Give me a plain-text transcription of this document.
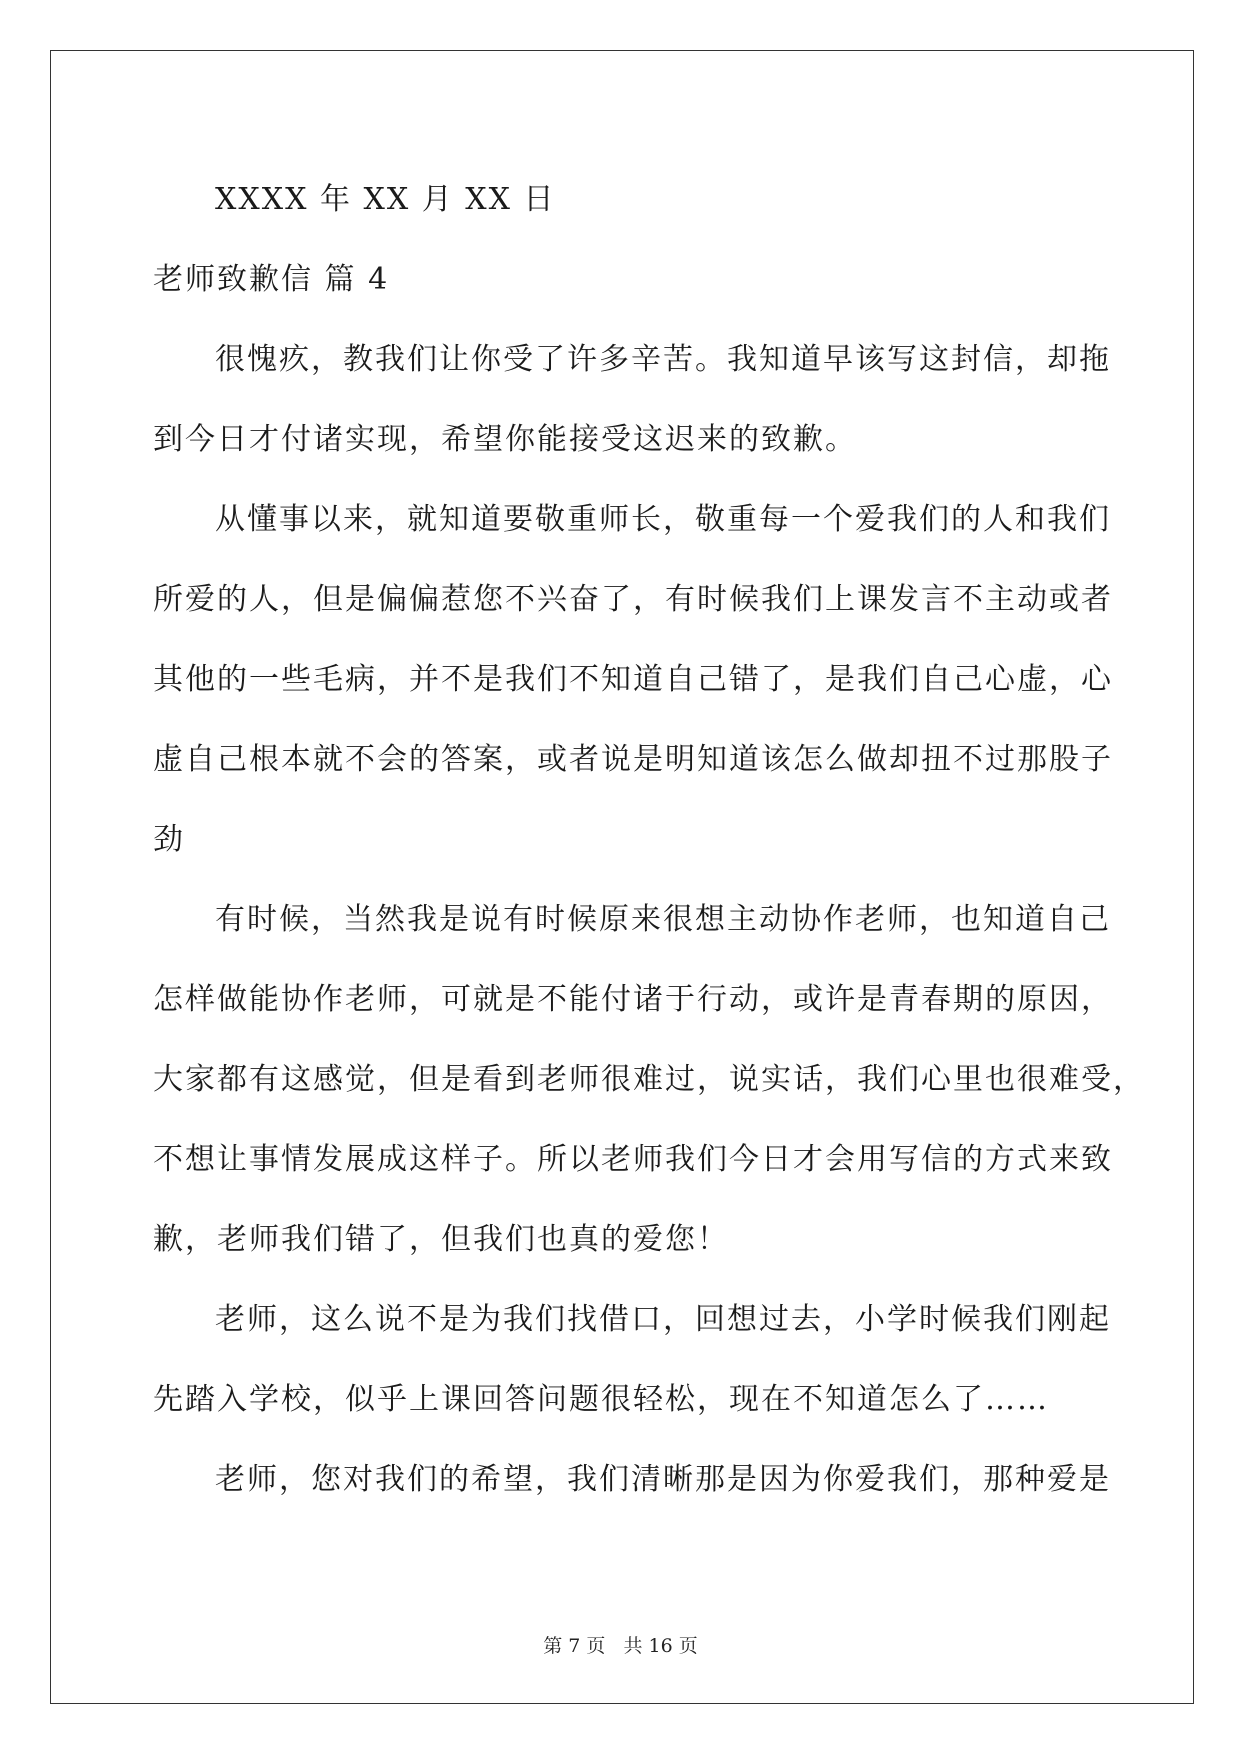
XXXX 年 XX 月 XX 日
老师致歉信 篇 4
很愧疚，教我们让你受了许多辛苦。我知道早该写这封信，却拖
到今日才付诸实现，希望你能接受这迟来的致歉。
从懂事以来，就知道要敬重师长，敬重每一个爱我们的人和我们
所爱的人，但是偏偏惹您不兴奋了，有时候我们上课发言不主动或者
其他的一些毛病，并不是我们不知道自己错了，是我们自己心虚，心
虚自己根本就不会的答案，或者说是明知道该怎么做却扭不过那股子
劲
有时候，当然我是说有时候原来很想主动协作老师，也知道自己
怎样做能协作老师，可就是不能付诸于行动，或许是青春期的原因，
大家都有这感觉，但是看到老师很难过，说实话，我们心里也很难受，
不想让事情发展成这样子。所以老师我们今日才会用写信的方式来致
歉，老师我们错了，但我们也真的爱您！
老师，这么说不是为我们找借口，回想过去，小学时候我们刚起
先踏入学校，似乎上课回答问题很轻松，现在不知道怎么了……
老师，您对我们的希望，我们清晰那是因为你爱我们，那种爱是
第 7 页 共 16 页
